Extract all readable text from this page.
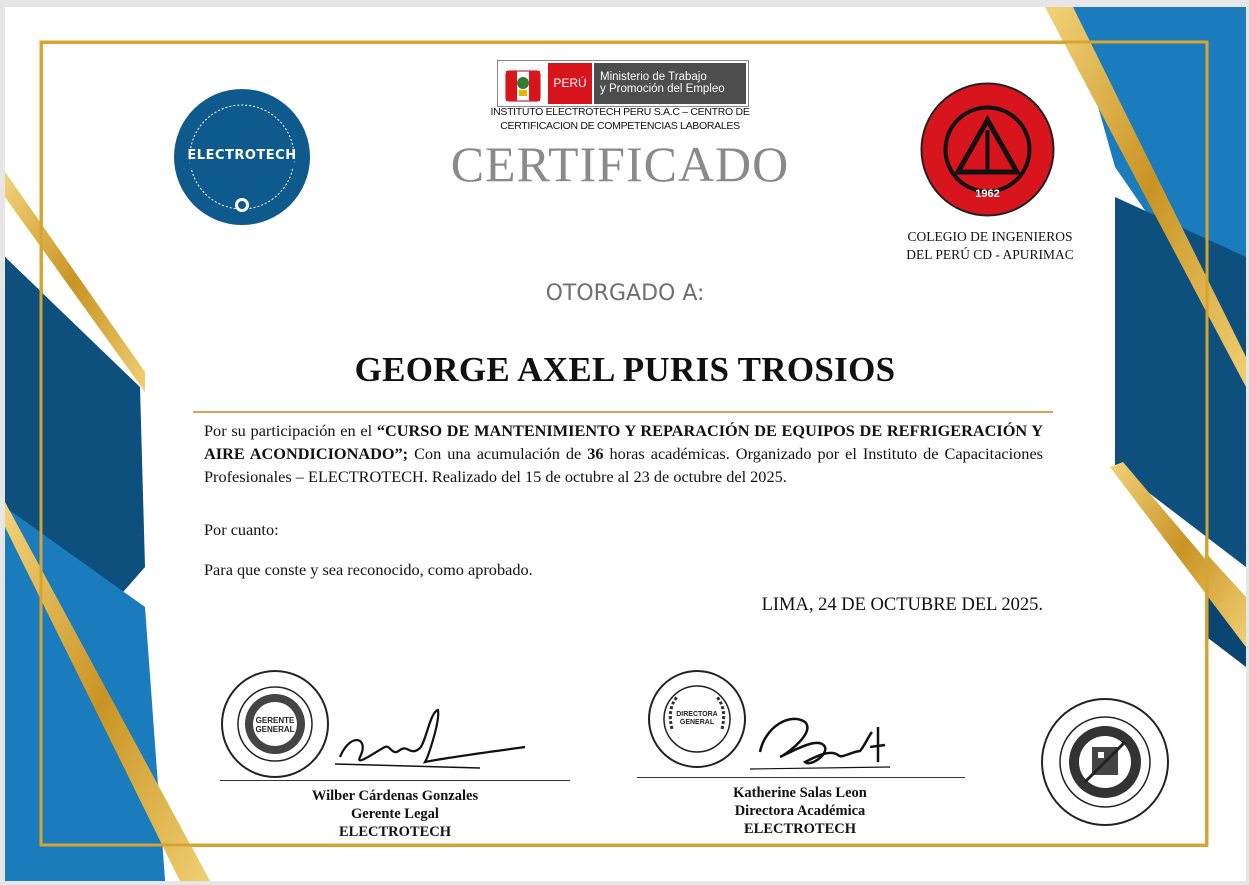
PERÚ	Ministerio de Trabajo
y Promoción del Empleo
INSTITUTO ELECTROTECH PERU S.A.C – CENTRO DE
CERTIFICACION DE COMPETENCIAS LABORALES
ELECTROTECH	CERTIFICADO
1962
COLEGIO DE INGENIEROS
DEL PERÚ CD - APURIMAC
OTORGADO A:
GEORGE AXEL PURIS TROSIOS
Por su participación en el “CURSO DE MANTENIMIENTO Y REPARACIÓN DE EQUIPOS DE REFRIGERACIÓN Y AIRE ACONDICIONADO”; Con una acumulación de 36 horas académicas. Organizado por el Instituto de Capacitaciones Profesionales – ELECTROTECH. Realizado del 15 de octubre al 23 de octubre del 2025.
Por cuanto:
Para que conste y sea reconocido, como aprobado.
LIMA, 24 DE OCTUBRE DEL 2025.
GERENTE GENERAL
Wilber Cárdenas Gonzales
Gerente Legal
ELECTROTECH
DIRECTORA GENERAL
Katherine Salas Leon
Directora Académica
ELECTROTECH
